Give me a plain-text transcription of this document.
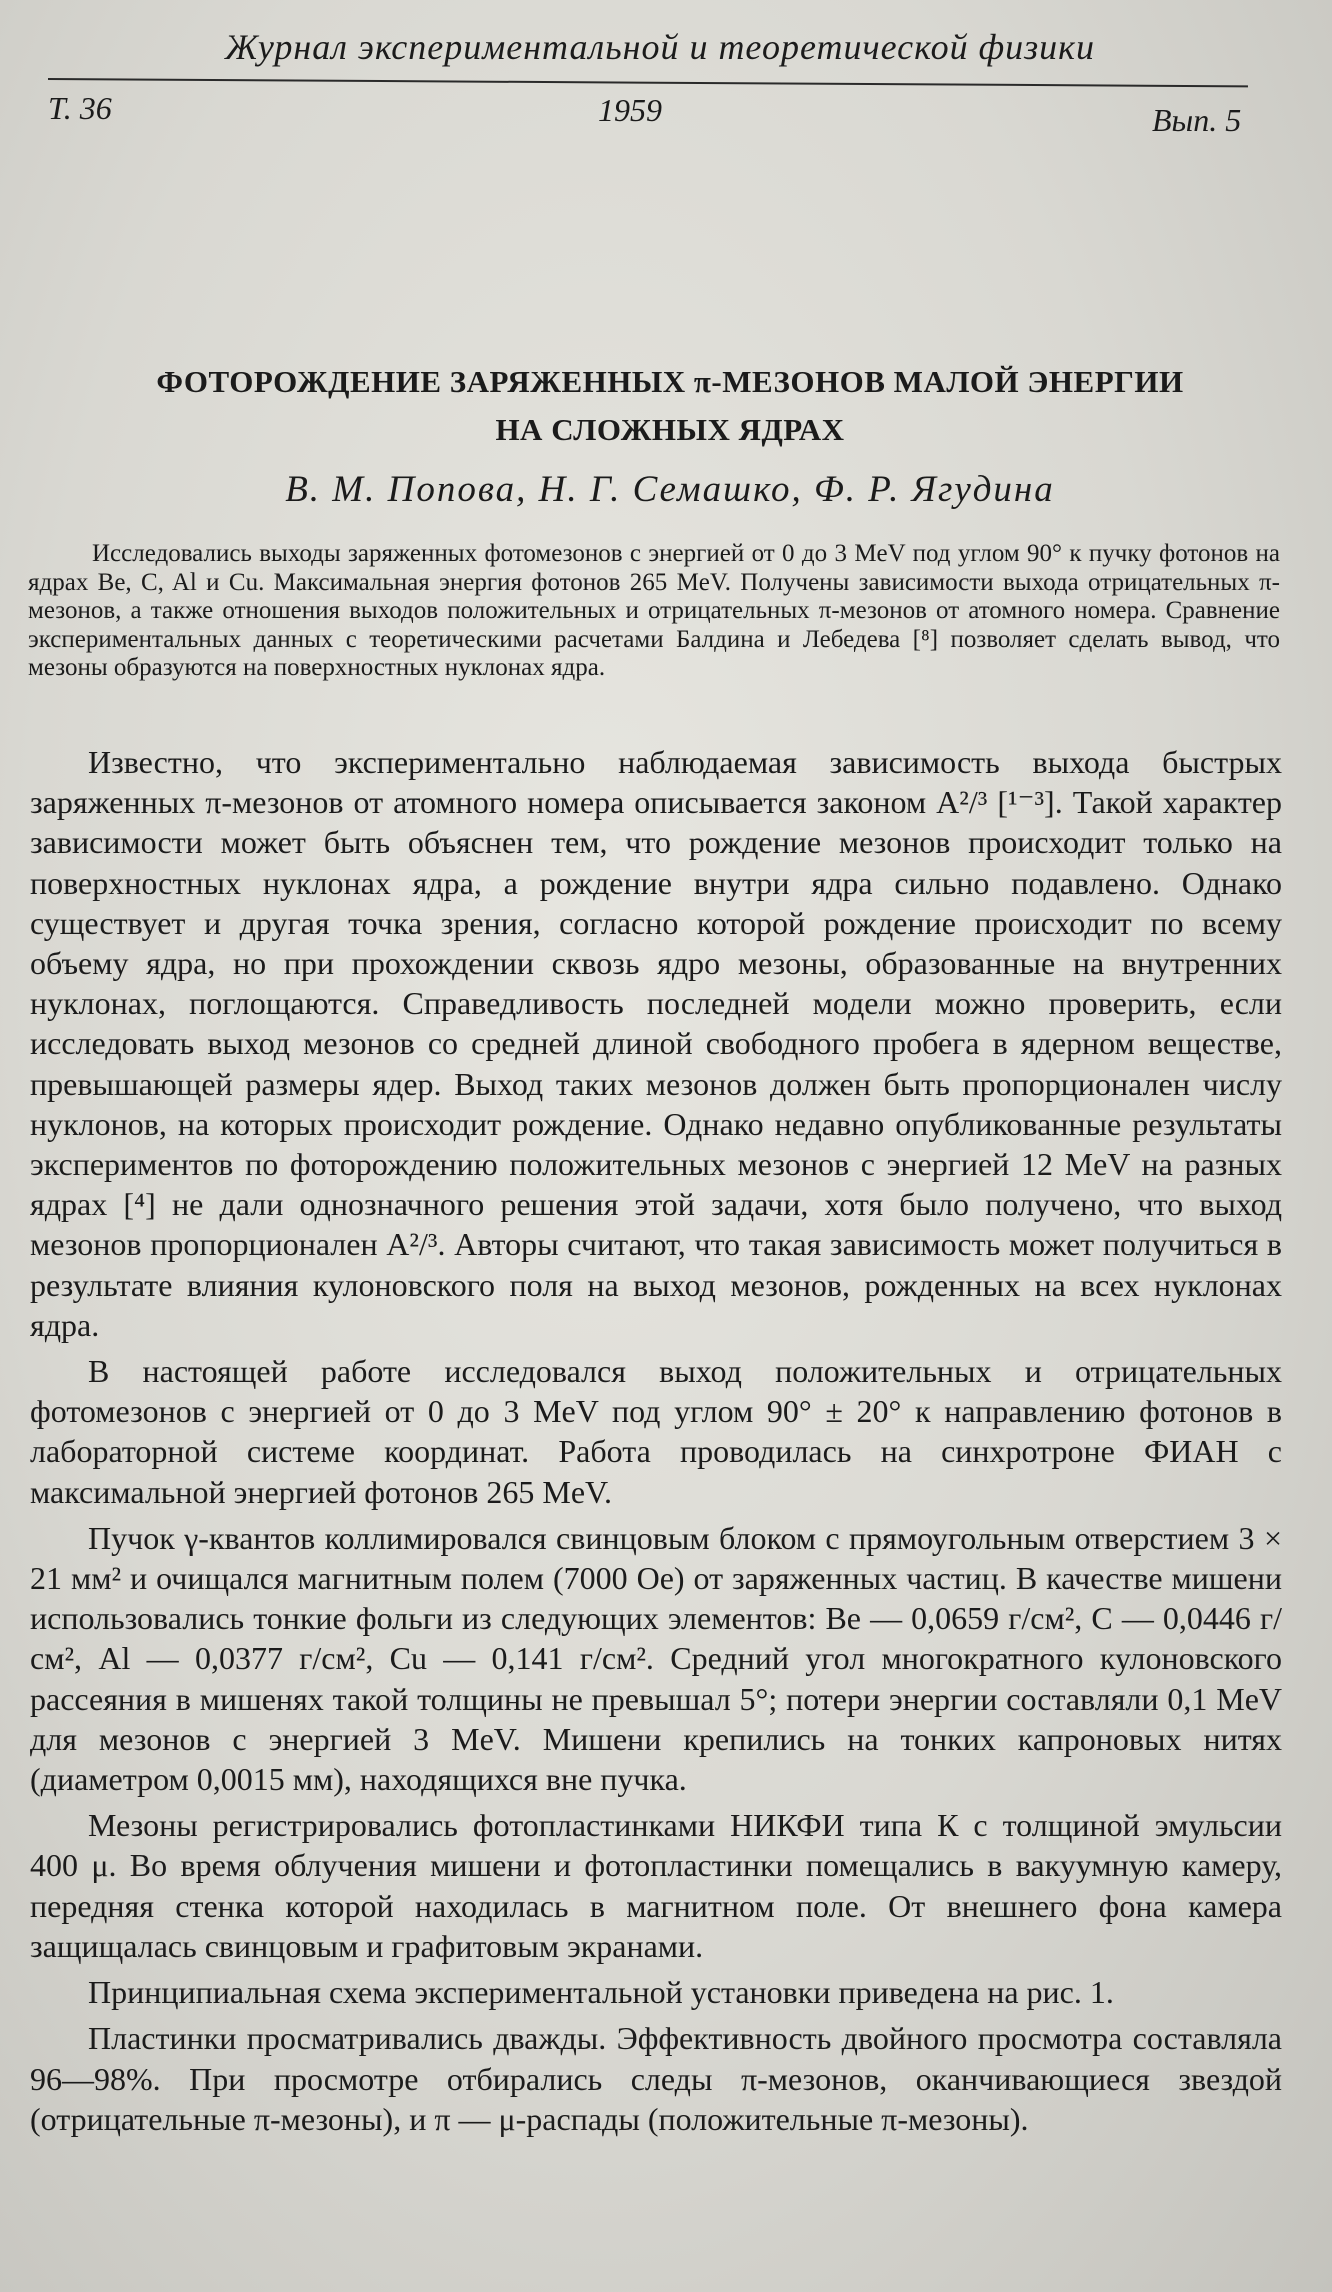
Журнал экспериментальной и теоретической физики
Т. 36	1959	Вып. 5
ФОТОРОЖДЕНИЕ ЗАРЯЖЕННЫХ π-МЕЗОНОВ МАЛОЙ ЭНЕРГИИ
НА СЛОЖНЫХ ЯДРАХ
В. М. Попова, Н. Г. Семашко, Ф. Р. Ягудина
Исследовались выходы заряженных фотомезонов с энергией от 0 до 3 MeV под углом 90° к пучку фотонов на ядрах Be, C, Al и Cu. Максимальная энергия фотонов 265 MeV. Получены зависимости выхода отрицательных π-мезонов, а также отношения выходов положительных и отрицательных π-мезонов от атомного номера. Сравнение экспериментальных данных с теоретическими расчетами Балдина и Лебедева [⁸] позволяет сделать вывод, что мезоны образуются на поверхностных нуклонах ядра.

Известно, что экспериментально наблюдаемая зависимость выхода быстрых заряженных π-мезонов от атомного номера описывается законом A²/³ [¹⁻³]. Такой характер зависимости может быть объяснен тем, что рождение мезонов происходит только на поверхностных нуклонах ядра, а рождение внутри ядра сильно подавлено. Однако существует и другая точка зрения, согласно которой рождение происходит по всему объему ядра, но при прохождении сквозь ядро мезоны, образованные на внутренних нуклонах, поглощаются. Справедливость последней модели можно проверить, если исследовать выход мезонов со средней длиной свободного пробега в ядерном веществе, превышающей размеры ядер. Выход таких мезонов должен быть пропорционален числу нуклонов, на которых происходит рождение. Однако недавно опубликованные результаты экспериментов по фоторождению положительных мезонов с энергией 12 MeV на разных ядрах [⁴] не дали однозначного решения этой задачи, хотя было получено, что выход мезонов пропорционален A²/³. Авторы считают, что такая зависимость может получиться в результате влияния кулоновского поля на выход мезонов, рожденных на всех нуклонах ядра.

В настоящей работе исследовался выход положительных и отрицательных фотомезонов с энергией от 0 до 3 MeV под углом 90° ± 20° к направлению фотонов в лабораторной системе координат. Работа проводилась на синхротроне ФИАН с максимальной энергией фотонов 265 MeV.

Пучок γ-квантов коллимировался свинцовым блоком с прямоугольным отверстием 3 × 21 мм² и очищался магнитным полем (7000 Oe) от заряженных частиц. В качестве мишени использовались тонкие фольги из следующих элементов: Be — 0,0659 г/см², C — 0,0446 г/см², Al — 0,0377 г/см², Cu — 0,141 г/см². Средний угол многократного кулоновского рассеяния в мишенях такой толщины не превышал 5°; потери энергии составляли 0,1 MeV для мезонов с энергией 3 MeV. Мишени крепились на тонких капроновых нитях (диаметром 0,0015 мм), находящихся вне пучка.

Мезоны регистрировались фотопластинками НИКФИ типа К с толщиной эмульсии 400 μ. Во время облучения мишени и фотопластинки помещались в вакуумную камеру, передняя стенка которой находилась в магнитном поле. От внешнего фона камера защищалась свинцовым и графитовым экранами.

Принципиальная схема экспериментальной установки приведена на рис. 1.

Пластинки просматривались дважды. Эффективность двойного просмотра составляла 96—98%. При просмотре отбирались следы π-мезонов, оканчивающиеся звездой (отрицательные π-мезоны), и π — μ-распады (положительные π-мезоны).
